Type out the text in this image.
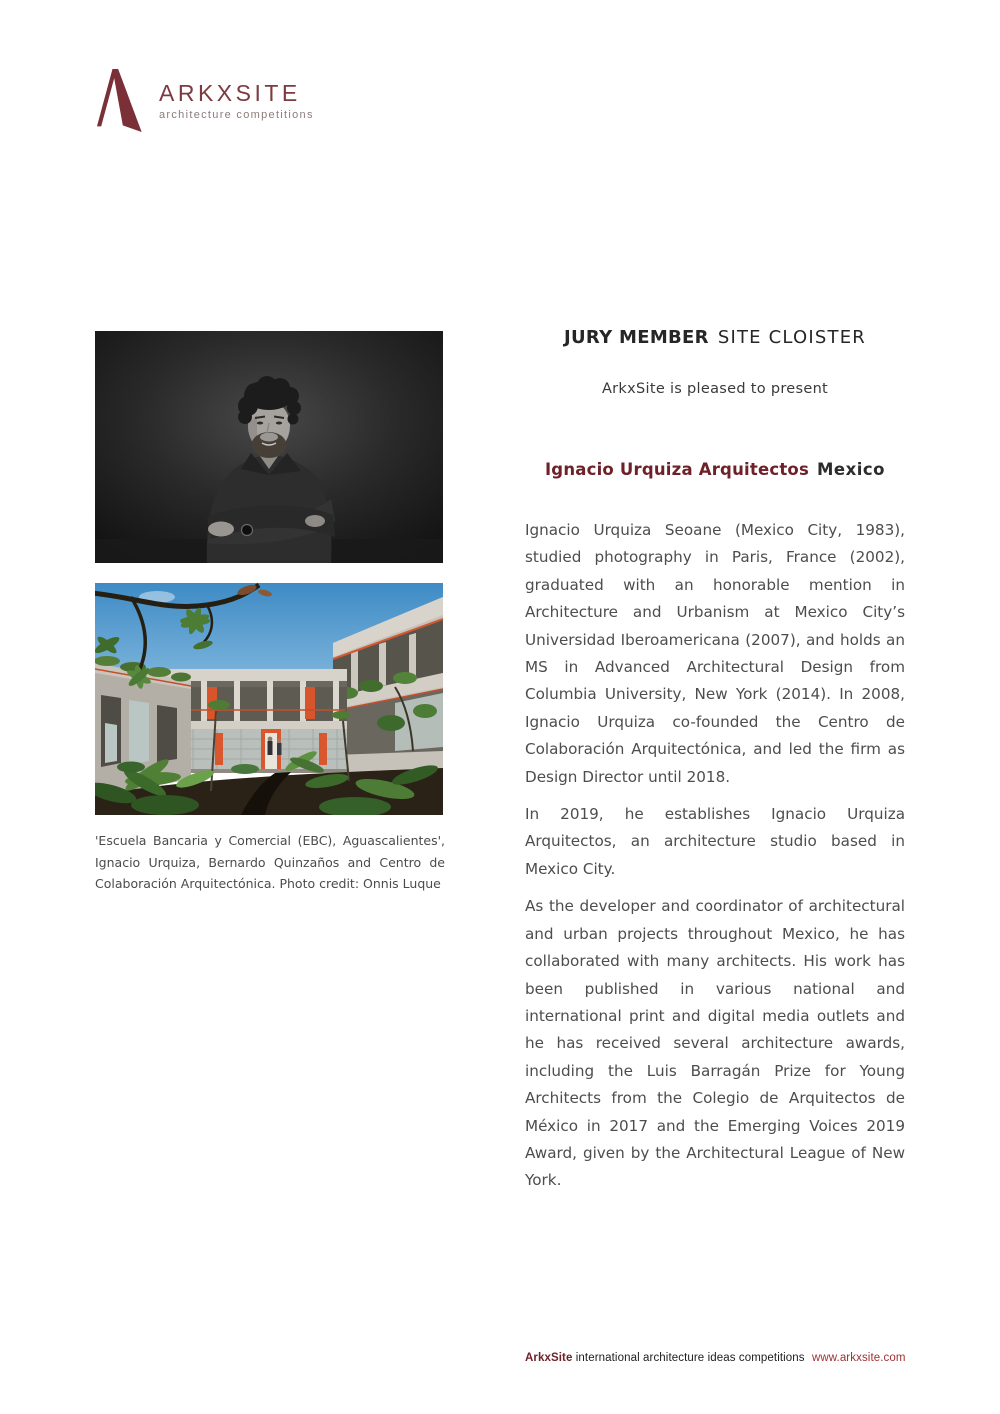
ARKXSITE
architecture competitions

'Escuela Bancaria y Comercial (EBC), Aguascalientes', Ignacio Urquiza, Bernardo Quinzaños and Centro de Colaboración Arquitectónica. Photo credit: Onnis Luque

JURY MEMBER SITE CLOISTER

ArkxSite is pleased to present

Ignacio Urquiza Arquitectos Mexico

Ignacio Urquiza Seoane (Mexico City, 1983), studied photography in Paris, France (2002), graduated with an honorable mention in Architecture and Urbanism at Mexico City’s Universidad Iberoamericana (2007), and holds an MS in Advanced Architectural Design from Columbia University, New York (2014). In 2008, Ignacio Urquiza co-founded the Centro de Colaboración Arquitectónica, and led the firm as Design Director until 2018.

In 2019, he establishes Ignacio Urquiza Arquitectos, an architecture studio based in Mexico City.

As the developer and coordinator of architectural and urban projects throughout Mexico, he has collaborated with many architects. His work has been published in various national and international print and digital media outlets and he has received several architecture awards, including the Luis Barragán Prize for Young Architects from the Colegio de Arquitectos de México in 2017 and the Emerging Voices 2019 Award, given by the Architectural League of New York.

ArkxSite international architecture ideas competitions www.arkxsite.com
